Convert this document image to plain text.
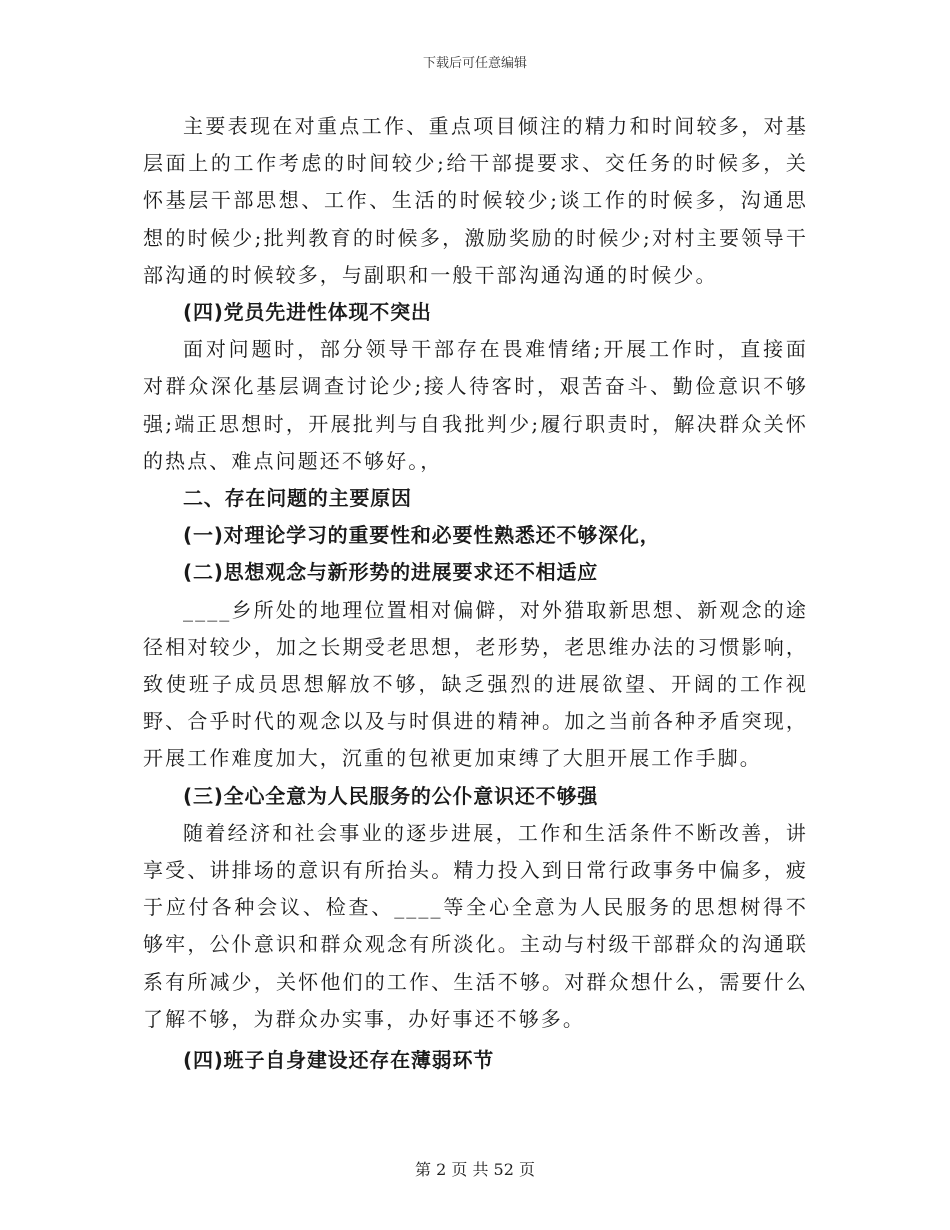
下载后可任意编辑

主要表现在对重点工作、重点项目倾注的精力和时间较多，对基层面上的工作考虑的时间较少;给干部提要求、交任务的时候多，关怀基层干部思想、工作、生活的时候较少;谈工作的时候多，沟通思想的时候少;批判教育的时候多，激励奖励的时候少;对村主要领导干部沟通的时候较多，与副职和一般干部沟通沟通的时候少。

(四)党员先进性体现不突出

面对问题时，部分领导干部存在畏难情绪;开展工作时，直接面对群众深化基层调查讨论少;接人待客时，艰苦奋斗、勤俭意识不够强;端正思想时，开展批判与自我批判少;履行职责时，解决群众关怀的热点、难点问题还不够好。，

二、存在问题的主要原因

(一)对理论学习的重要性和必要性熟悉还不够深化，

(二)思想观念与新形势的进展要求还不相适应

____乡所处的地理位置相对偏僻，对外猎取新思想、新观念的途径相对较少，加之长期受老思想，老形势，老思维办法的习惯影响，致使班子成员思想解放不够，缺乏强烈的进展欲望、开阔的工作视野、合乎时代的观念以及与时俱进的精神。加之当前各种矛盾突现，开展工作难度加大，沉重的包袱更加束缚了大胆开展工作手脚。

(三)全心全意为人民服务的公仆意识还不够强

随着经济和社会事业的逐步进展，工作和生活条件不断改善，讲享受、讲排场的意识有所抬头。精力投入到日常行政事务中偏多，疲于应付各种会议、检查、____等全心全意为人民服务的思想树得不够牢，公仆意识和群众观念有所淡化。主动与村级干部群众的沟通联系有所减少，关怀他们的工作、生活不够。对群众想什么，需要什么了解不够，为群众办实事，办好事还不够多。

(四)班子自身建设还存在薄弱环节

第 2 页 共 52 页
